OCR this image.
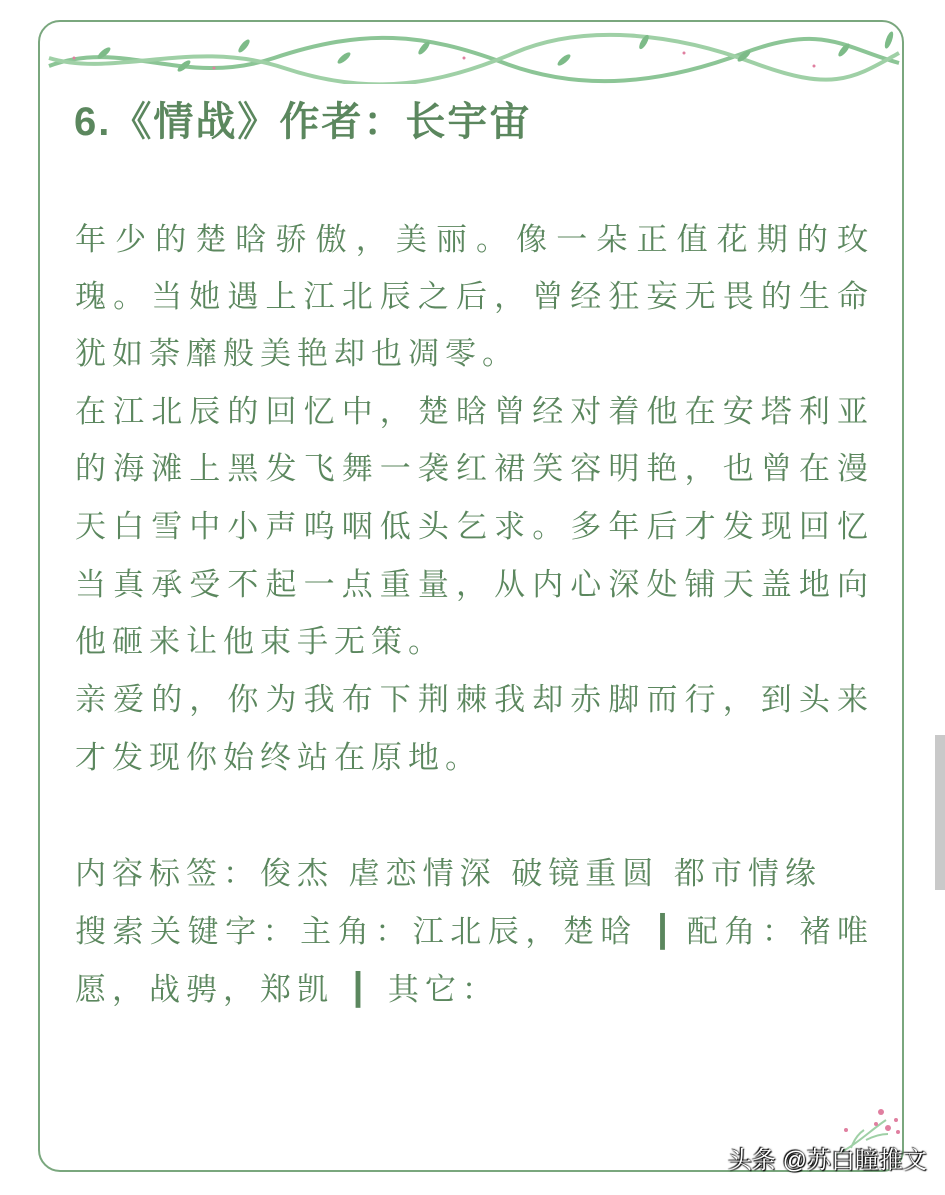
6.《情战》作者：长宇宙
年少的楚晗骄傲，美丽。像一朵正值花期的玫
瑰。当她遇上江北辰之后，曾经狂妄无畏的生命
犹如荼靡般美艳却也凋零。
在江北辰的回忆中，楚晗曾经对着他在安塔利亚
的海滩上黑发飞舞一袭红裙笑容明艳，也曾在漫
天白雪中小声呜咽低头乞求。多年后才发现回忆
当真承受不起一点重量，从内心深处铺天盖地向
他砸来让他束手无策。
亲爱的，你为我布下荆棘我却赤脚而行，到头来
才发现你始终站在原地。
内容标签：俊杰 虐恋情深 破镜重圆 都市情缘
搜索关键字：主角：江北辰，楚晗 ┃ 配角：褚唯
愿，战骋，郑凯 ┃ 其它：
头条 @苏白瞳推文
